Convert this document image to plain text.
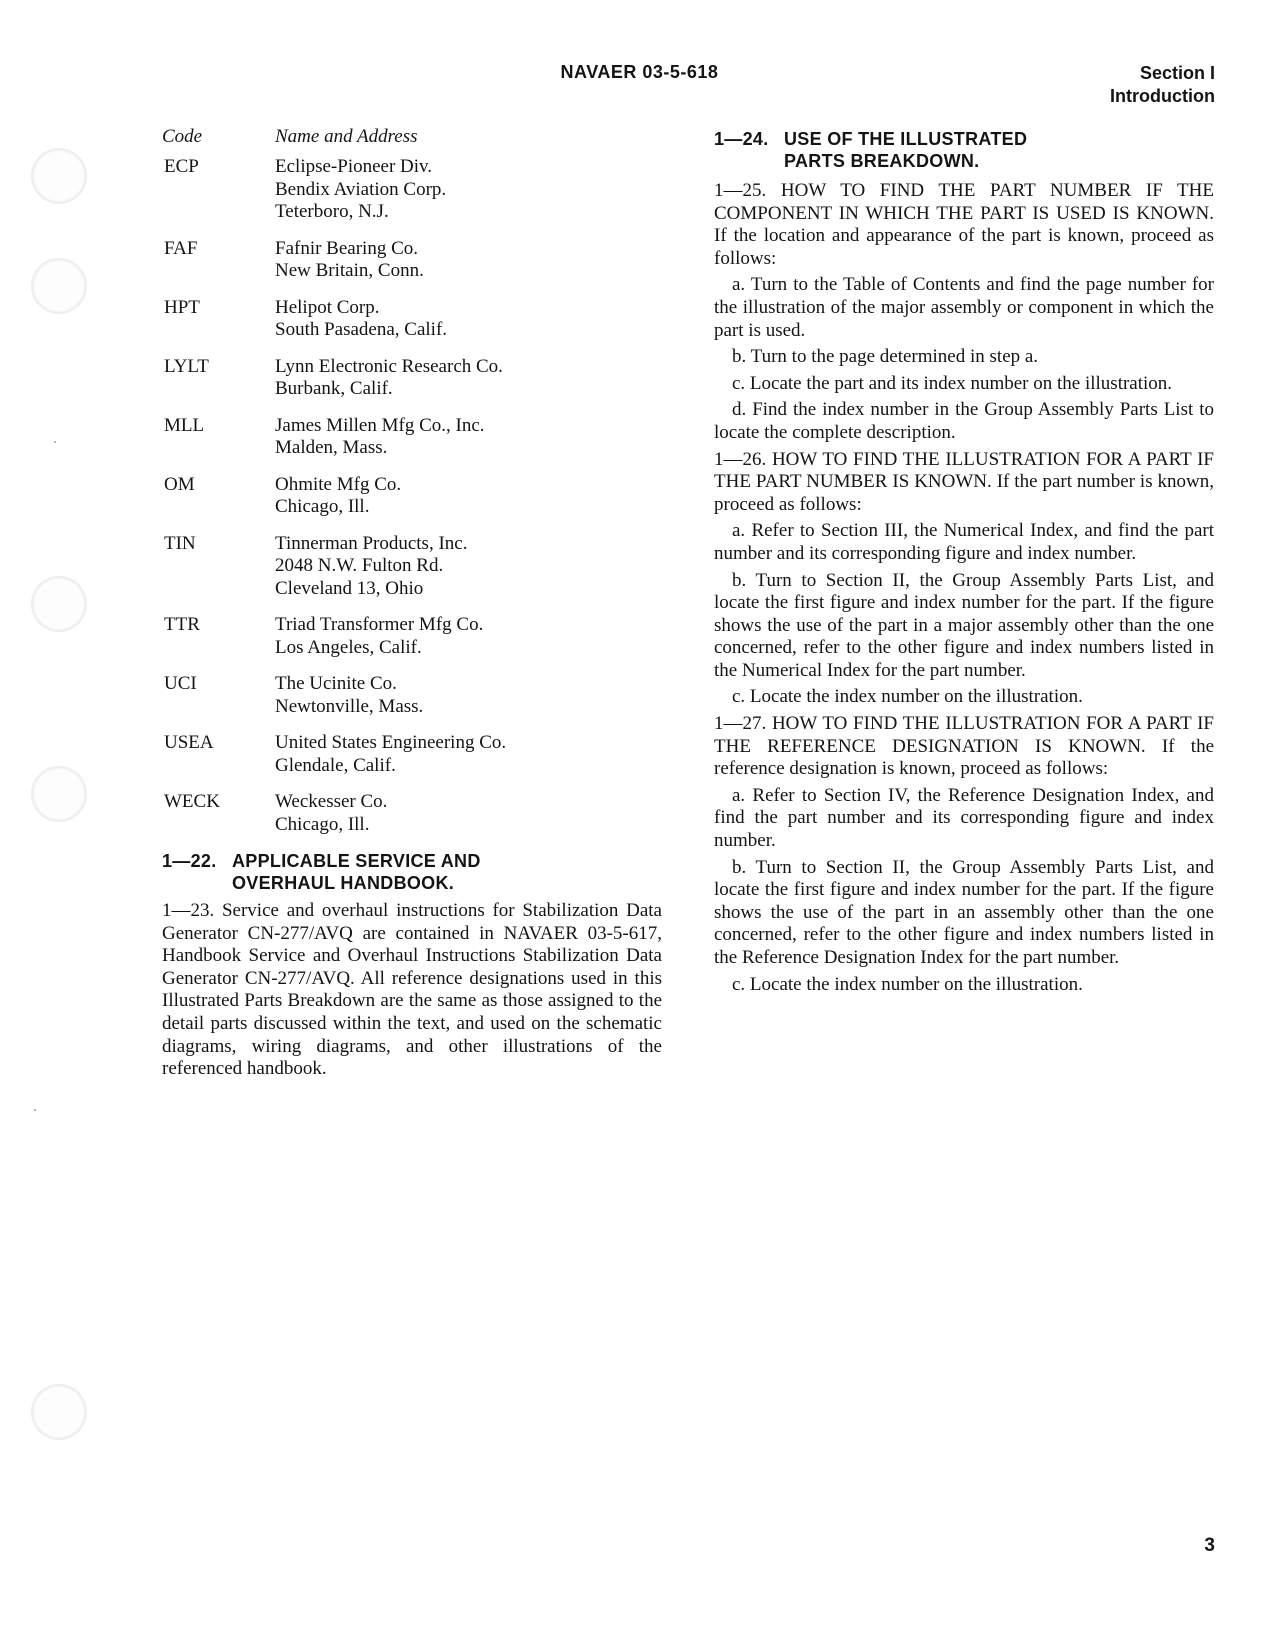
NAVAER 03-5-618	Section I
Introduction
Code	Name and Address
ECP	Eclipse-Pioneer Div.
Bendix Aviation Corp.
Teterboro, N.J.
FAF	Fafnir Bearing Co.
New Britain, Conn.
HPT	Helipot Corp.
South Pasadena, Calif.
LYLT	Lynn Electronic Research Co.
Burbank, Calif.
MLL	James Millen Mfg Co., Inc.
Malden, Mass.
OM	Ohmite Mfg Co.
Chicago, Ill.
TIN	Tinnerman Products, Inc.
2048 N.W. Fulton Rd.
Cleveland 13, Ohio
TTR	Triad Transformer Mfg Co.
Los Angeles, Calif.
UCI	The Ucinite Co.
Newtonville, Mass.
USEA	United States Engineering Co.
Glendale, Calif.
WECK	Weckesser Co.
Chicago, Ill.
1—22. APPLICABLE SERVICE AND
OVERHAUL HANDBOOK.

1—23. Service and overhaul instructions for Stabilization Data Generator CN-277/AVQ are contained in NAVAER 03-5-617, Handbook Service and Overhaul Instructions Stabilization Data Generator CN-277/AVQ. All reference designations used in this Illustrated Parts Breakdown are the same as those assigned to the detail parts discussed within the text, and used on the schematic diagrams, wiring diagrams, and other illustrations of the referenced handbook.

1—24. USE OF THE ILLUSTRATED
PARTS BREAKDOWN.

1—25. HOW TO FIND THE PART NUMBER IF THE COMPONENT IN WHICH THE PART IS USED IS KNOWN. If the location and appearance of the part is known, proceed as follows:

a. Turn to the Table of Contents and find the page number for the illustration of the major assembly or component in which the part is used.

b. Turn to the page determined in step a.

c. Locate the part and its index number on the illustration.

d. Find the index number in the Group Assembly Parts List to locate the complete description.

1—26. HOW TO FIND THE ILLUSTRATION FOR A PART IF THE PART NUMBER IS KNOWN. If the part number is known, proceed as follows:

a. Refer to Section III, the Numerical Index, and find the part number and its corresponding figure and index number.

b. Turn to Section II, the Group Assembly Parts List, and locate the first figure and index number for the part. If the figure shows the use of the part in a major assembly other than the one concerned, refer to the other figure and index numbers listed in the Numerical Index for the part number.

c. Locate the index number on the illustration.

1—27. HOW TO FIND THE ILLUSTRATION FOR A PART IF THE REFERENCE DESIGNATION IS KNOWN. If the reference designation is known, proceed as follows:

a. Refer to Section IV, the Reference Designation Index, and find the part number and its corresponding figure and index number.

b. Turn to Section II, the Group Assembly Parts List, and locate the first figure and index number for the part. If the figure shows the use of the part in an assembly other than the one concerned, refer to the other figure and index numbers listed in the Reference Designation Index for the part number.

c. Locate the index number on the illustration.

3
